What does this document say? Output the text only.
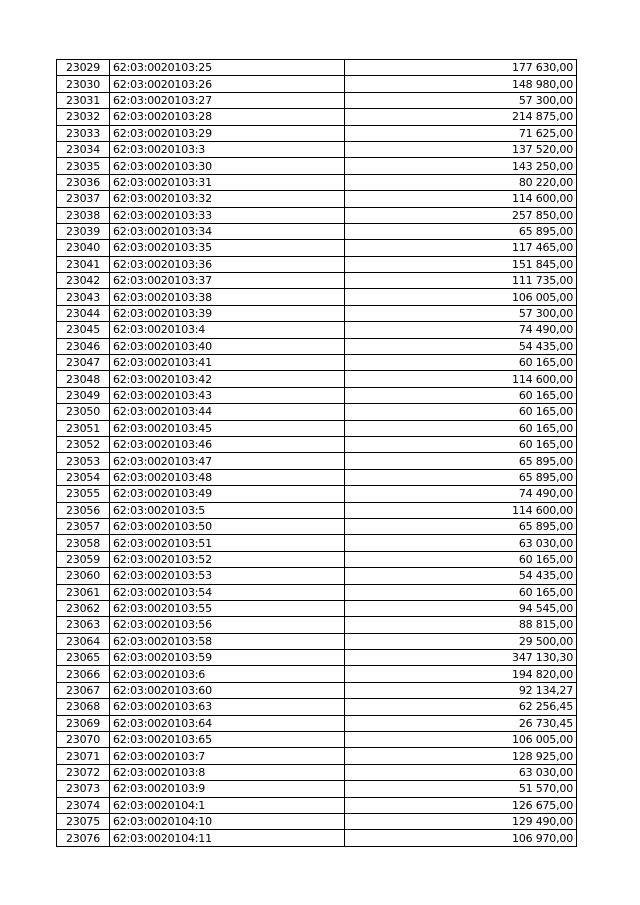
23029	62:03:0020103:25	177 630,00
23030	62:03:0020103:26	148 980,00
23031	62:03:0020103:27	57 300,00
23032	62:03:0020103:28	214 875,00
23033	62:03:0020103:29	71 625,00
23034	62:03:0020103:3	137 520,00
23035	62:03:0020103:30	143 250,00
23036	62:03:0020103:31	80 220,00
23037	62:03:0020103:32	114 600,00
23038	62:03:0020103:33	257 850,00
23039	62:03:0020103:34	65 895,00
23040	62:03:0020103:35	117 465,00
23041	62:03:0020103:36	151 845,00
23042	62:03:0020103:37	111 735,00
23043	62:03:0020103:38	106 005,00
23044	62:03:0020103:39	57 300,00
23045	62:03:0020103:4	74 490,00
23046	62:03:0020103:40	54 435,00
23047	62:03:0020103:41	60 165,00
23048	62:03:0020103:42	114 600,00
23049	62:03:0020103:43	60 165,00
23050	62:03:0020103:44	60 165,00
23051	62:03:0020103:45	60 165,00
23052	62:03:0020103:46	60 165,00
23053	62:03:0020103:47	65 895,00
23054	62:03:0020103:48	65 895,00
23055	62:03:0020103:49	74 490,00
23056	62:03:0020103:5	114 600,00
23057	62:03:0020103:50	65 895,00
23058	62:03:0020103:51	63 030,00
23059	62:03:0020103:52	60 165,00
23060	62:03:0020103:53	54 435,00
23061	62:03:0020103:54	60 165,00
23062	62:03:0020103:55	94 545,00
23063	62:03:0020103:56	88 815,00
23064	62:03:0020103:58	29 500,00
23065	62:03:0020103:59	347 130,30
23066	62:03:0020103:6	194 820,00
23067	62:03:0020103:60	92 134,27
23068	62:03:0020103:63	62 256,45
23069	62:03:0020103:64	26 730,45
23070	62:03:0020103:65	106 005,00
23071	62:03:0020103:7	128 925,00
23072	62:03:0020103:8	63 030,00
23073	62:03:0020103:9	51 570,00
23074	62:03:0020104:1	126 675,00
23075	62:03:0020104:10	129 490,00
23076	62:03:0020104:11	106 970,00
